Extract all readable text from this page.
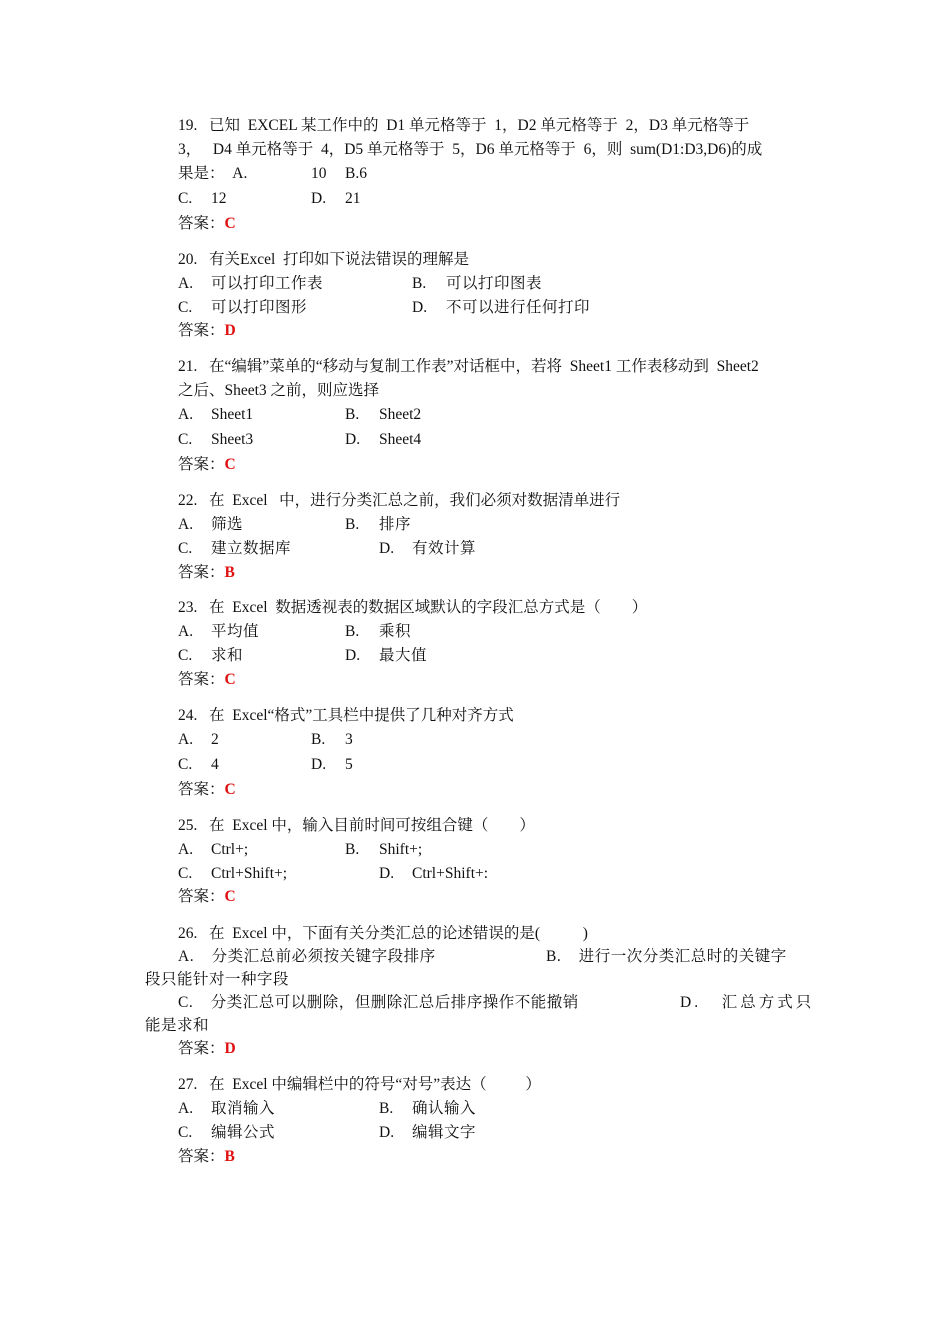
19.   已知  EXCEL 某工作中的  D1 单元格等于  1，D2 单元格等于  2，D3 单元格等于
3，   D4 单元格等于  4，D5 单元格等于  5，D6 单元格等于  6，则  sum(D1:D3,D6)的成
果是：  A.	10 B.6
C. 12	D. 21
答案：C
20.   有关Excel  打印如下说法错误的理解是
A. 可以打印工作表	B. 可以打印图表
C. 可以打印图形	D. 不可以进行任何打印
答案：D
21.   在“编辑”菜单的“移动与复制工作表”对话框中，若将  Sheet1 工作表移动到  Sheet2
之后、Sheet3 之前，则应选择
A. Sheet1	B. Sheet2
C. Sheet3	D. Sheet4
答案：C
22.   在  Excel   中，进行分类汇总之前，我们必须对数据清单进行
A. 筛选	B. 排序
C. 建立数据库	D. 有效计算
答案：B
23.   在  Excel  数据透视表的数据区域默认的字段汇总方式是（        ）
A. 平均值	B. 乘积
C. 求和	D. 最大值
答案：C
24.   在  Excel“格式”工具栏中提供了几种对齐方式
A. 2	B. 3
C. 4	D. 5
答案：C
25.   在  Excel 中，输入目前时间可按组合键（        ）
A. Ctrl+;	B. Shift+;
C. Ctrl+Shift+;	D. Ctrl+Shift+:
答案：C
26.   在  Excel 中，下面有关分类汇总的论述错误的是(           )
A.    分类汇总前必须按关键字段排序	B.    进行一次分类汇总时的关键字
段只能针对一种字段
C.    分类汇总可以删除，但删除汇总后排序操作不能撤销	D.   汇总方式只
能是求和
答案：D
27.   在  Excel 中编辑栏中的符号“对号”表达（          ）
A. 取消输入	B. 确认输入
C. 编辑公式	D. 编辑文字
答案：B
